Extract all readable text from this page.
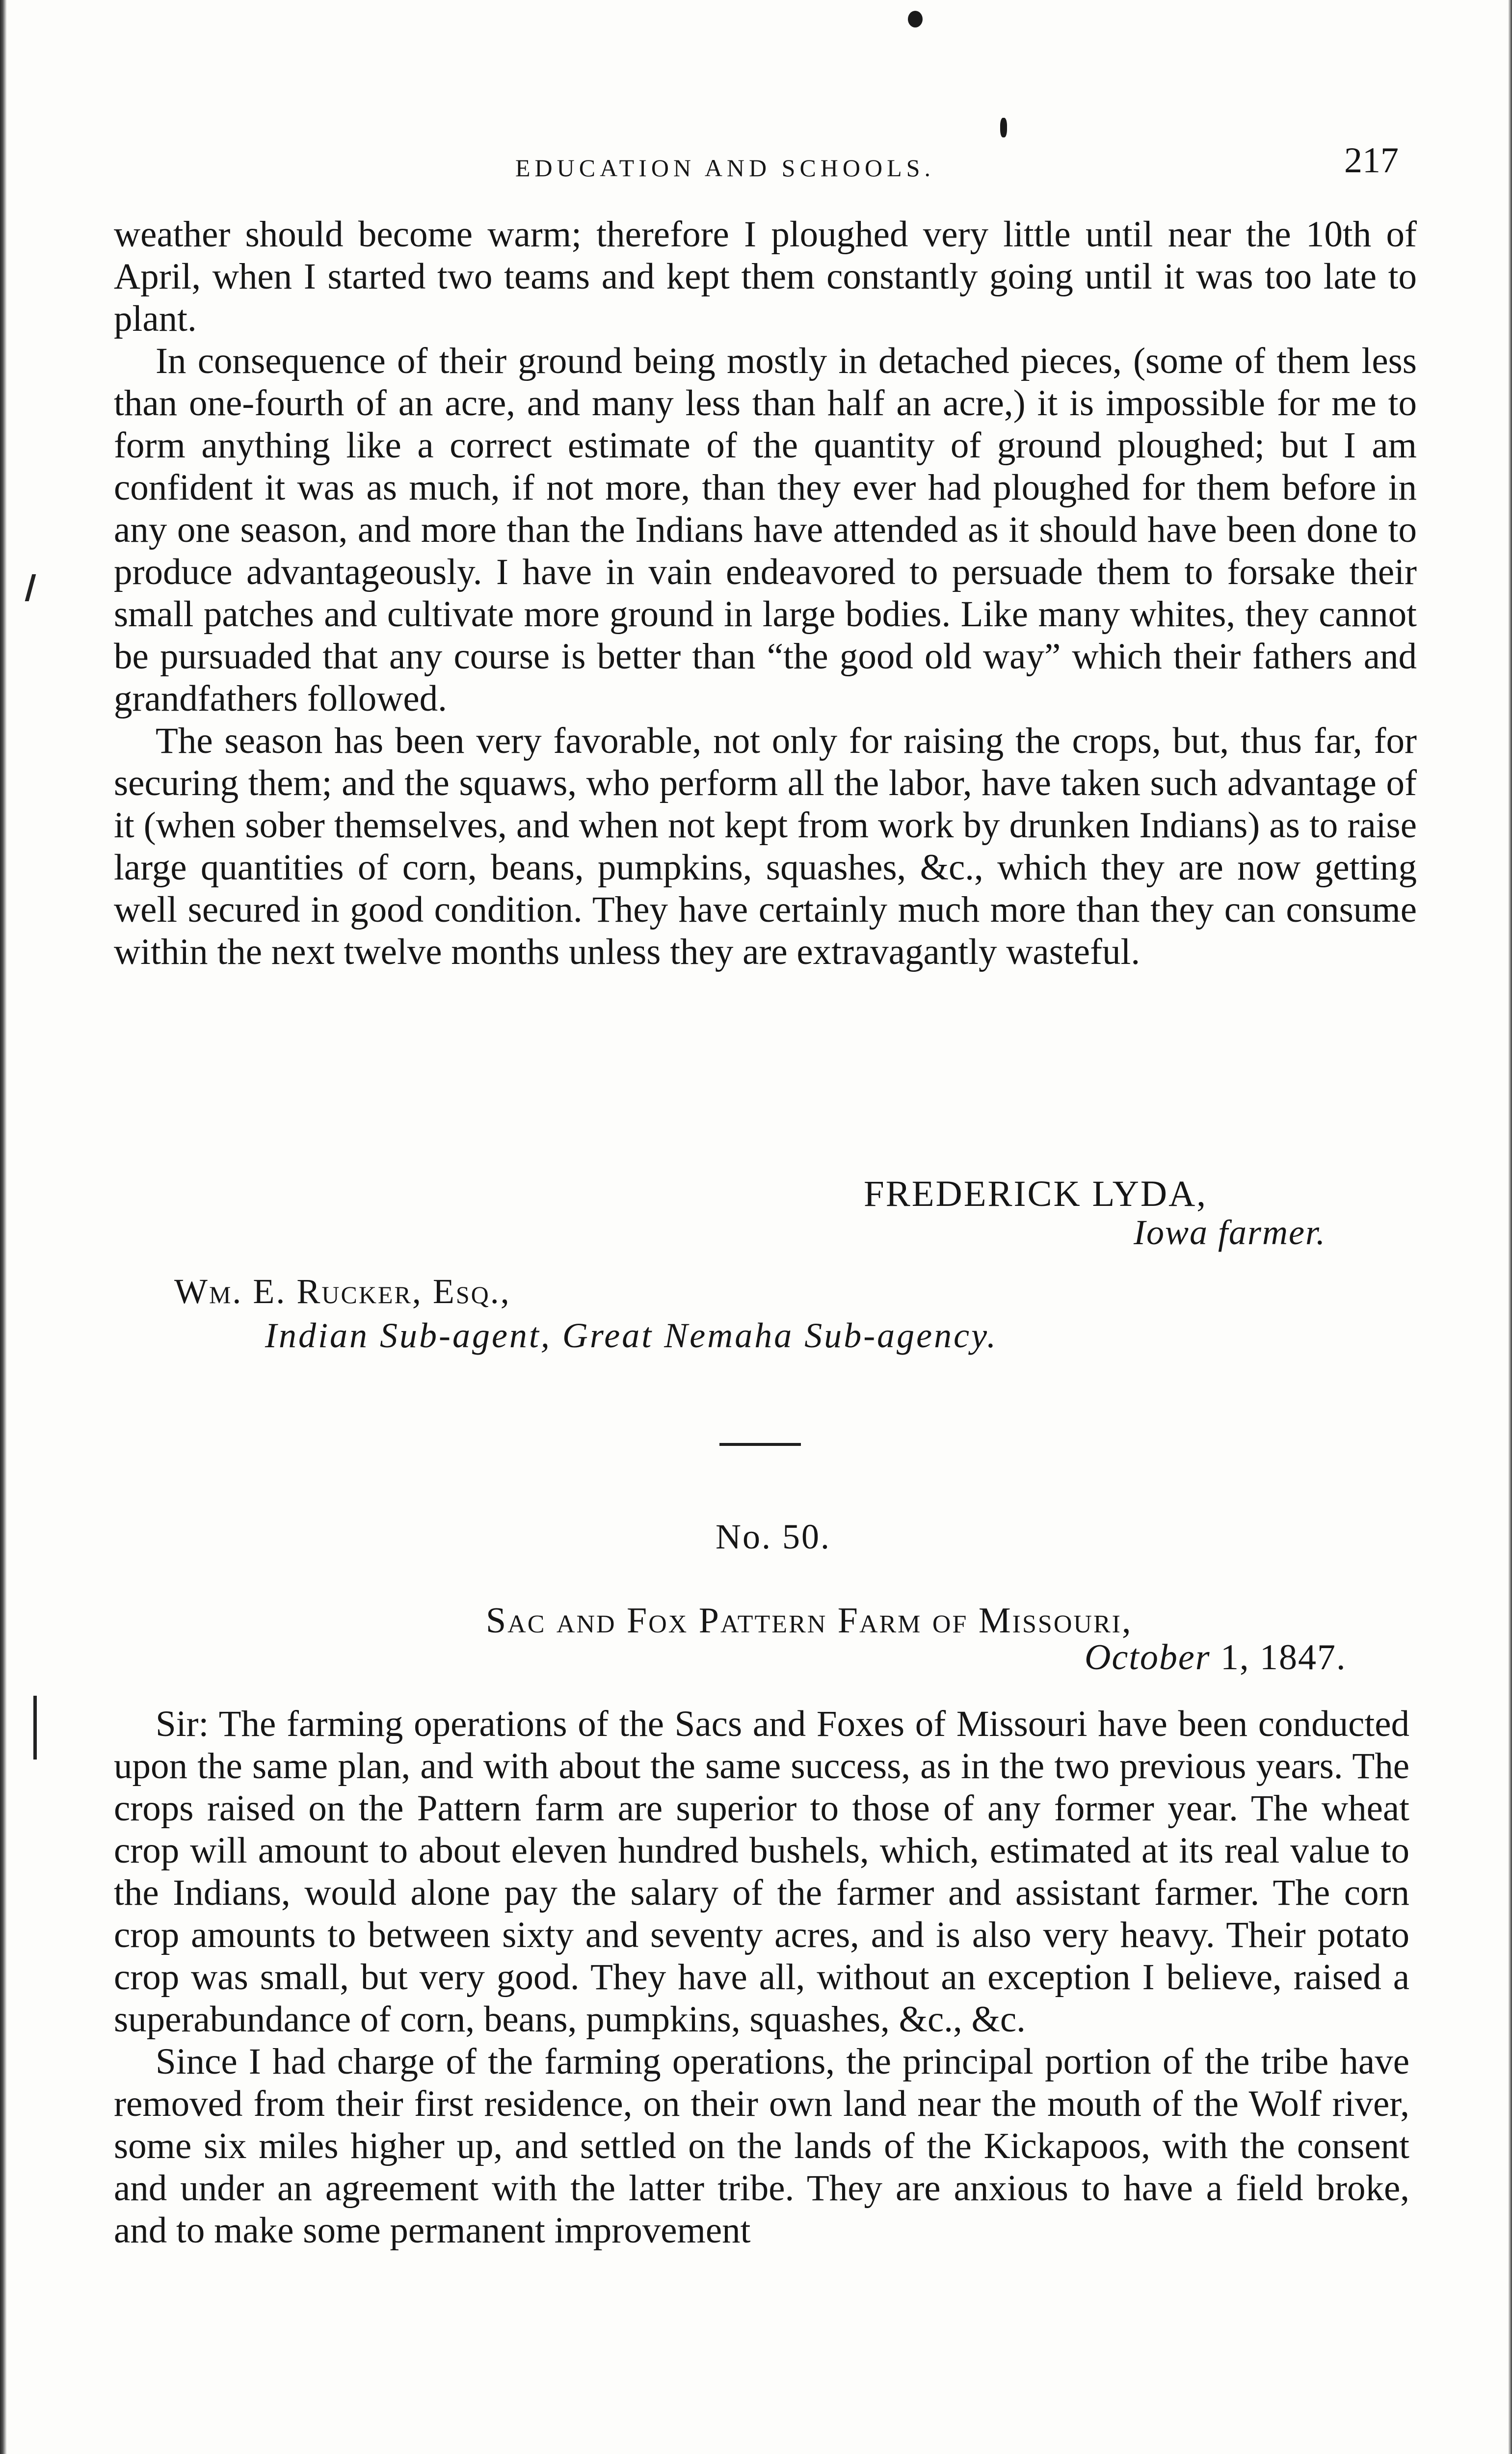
EDUCATION AND SCHOOLS.	217

weather should become warm; therefore I ploughed very little until near the 10th of April, when I started two teams and kept them constantly going until it was too late to plant.

In consequence of their ground being mostly in detached pieces, (some of them less than one-fourth of an acre, and many less than half an acre,) it is impossible for me to form anything like a correct estimate of the quantity of ground ploughed; but I am confident it was as much, if not more, than they ever had ploughed for them before in any one season, and more than the Indians have attended as it should have been done to produce advantageously. I have in vain endeavored to persuade them to forsake their small patches and cultivate more ground in large bodies. Like many whites, they cannot be pursuaded that any course is better than “the good old way” which their fathers and grandfathers followed.

The season has been very favorable, not only for raising the crops, but, thus far, for securing them; and the squaws, who perform all the labor, have taken such advantage of it (when sober themselves, and when not kept from work by drunken Indians) as to raise large quantities of corn, beans, pumpkins, squashes, &c., which they are now getting well secured in good condition. They have certainly much more than they can consume within the next twelve months unless they are extravagantly wasteful.

FREDERICK LYDA,
Iowa farmer.
Wm. E. Rucker, Esq.,
Indian Sub-agent, Great Nemaha Sub-agency.
No. 50.
Sac and Fox Pattern Farm of Missouri,
October 1, 1847.

Sir: The farming operations of the Sacs and Foxes of Missouri have been conducted upon the same plan, and with about the same success, as in the two previous years. The crops raised on the Pattern farm are superior to those of any former year. The wheat crop will amount to about eleven hundred bushels, which, estimated at its real value to the Indians, would alone pay the salary of the farmer and assistant farmer. The corn crop amounts to between sixty and seventy acres, and is also very heavy. Their potato crop was small, but very good. They have all, without an exception I believe, raised a superabundance of corn, beans, pumpkins, squashes, &c., &c.

Since I had charge of the farming operations, the principal portion of the tribe have removed from their first residence, on their own land near the mouth of the Wolf river, some six miles higher up, and settled on the lands of the Kickapoos, with the consent and under an agreement with the latter tribe. They are anxious to have a field broke, and to make some permanent improvement
